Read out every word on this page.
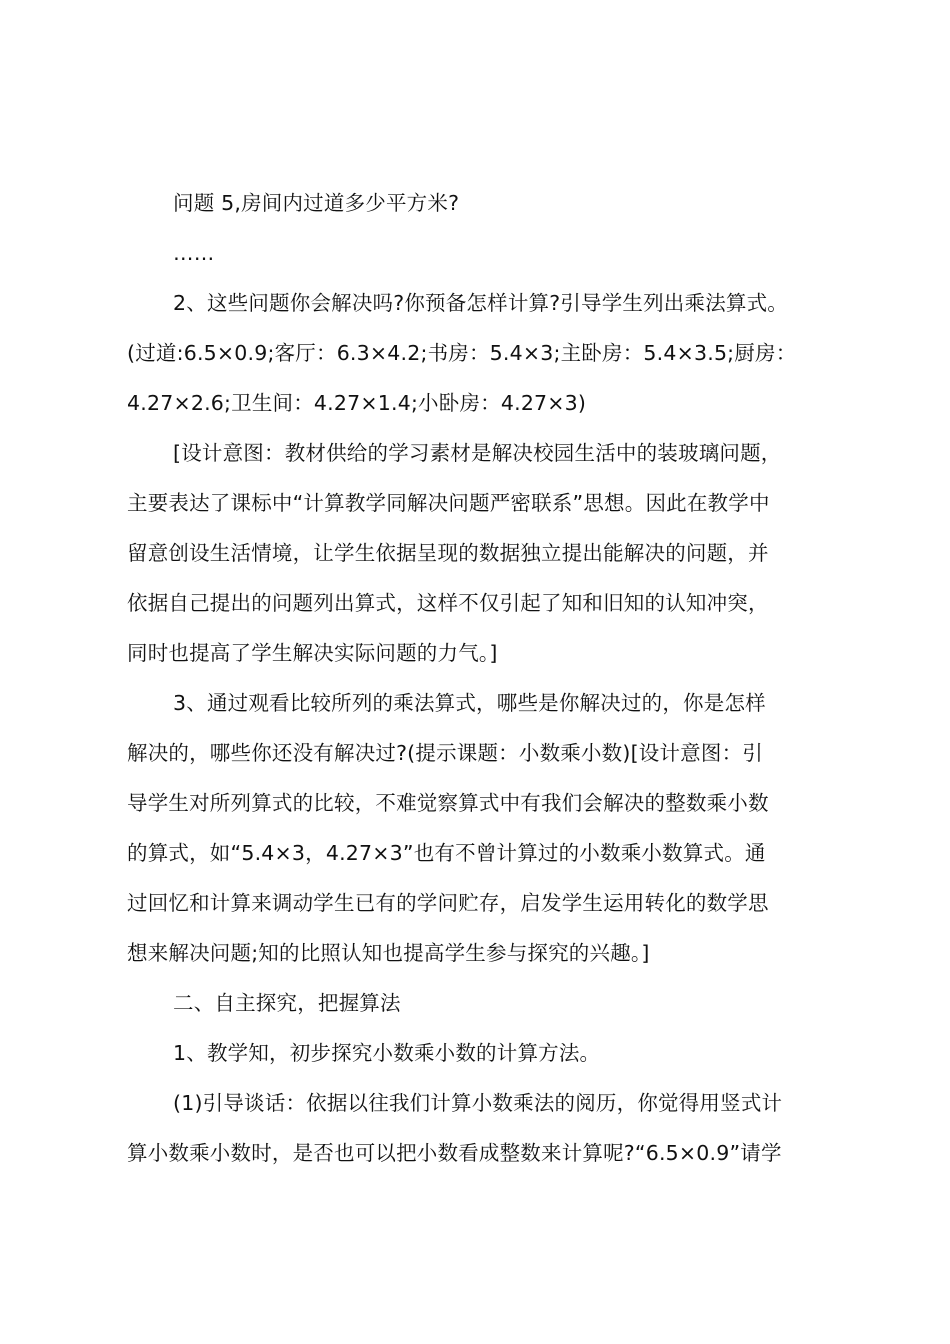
问题 5,房间内过道多少平方米?
……
2、这些问题你会解决吗?你预备怎样计算?引导学生列出乘法算式。
(过道:6.5×0.9;客厅：6.3×4.2;书房：5.4×3;主卧房：5.4×3.5;厨房：
4.27×2.6;卫生间：4.27×1.4;小卧房：4.27×3)
[设计意图：教材供给的学习素材是解决校园生活中的装玻璃问题，
主要表达了课标中“计算教学同解决问题严密联系”思想。因此在教学中
留意创设生活情境，让学生依据呈现的数据独立提出能解决的问题，并
依据自己提出的问题列出算式，这样不仅引起了知和旧知的认知冲突，
同时也提高了学生解决实际问题的力气。]
3、通过观看比较所列的乘法算式，哪些是你解决过的，你是怎样
解决的，哪些你还没有解决过?(提示课题：小数乘小数)[设计意图：引
导学生对所列算式的比较，不难觉察算式中有我们会解决的整数乘小数
的算式，如“5.4×3，4.27×3”也有不曾计算过的小数乘小数算式。通
过回忆和计算来调动学生已有的学问贮存，启发学生运用转化的数学思
想来解决问题;知的比照认知也提高学生参与探究的兴趣。]
二、自主探究，把握算法
1、教学知，初步探究小数乘小数的计算方法。
(1)引导谈话：依据以往我们计算小数乘法的阅历，你觉得用竖式计
算小数乘小数时，是否也可以把小数看成整数来计算呢?“6.5×0.9”请学
